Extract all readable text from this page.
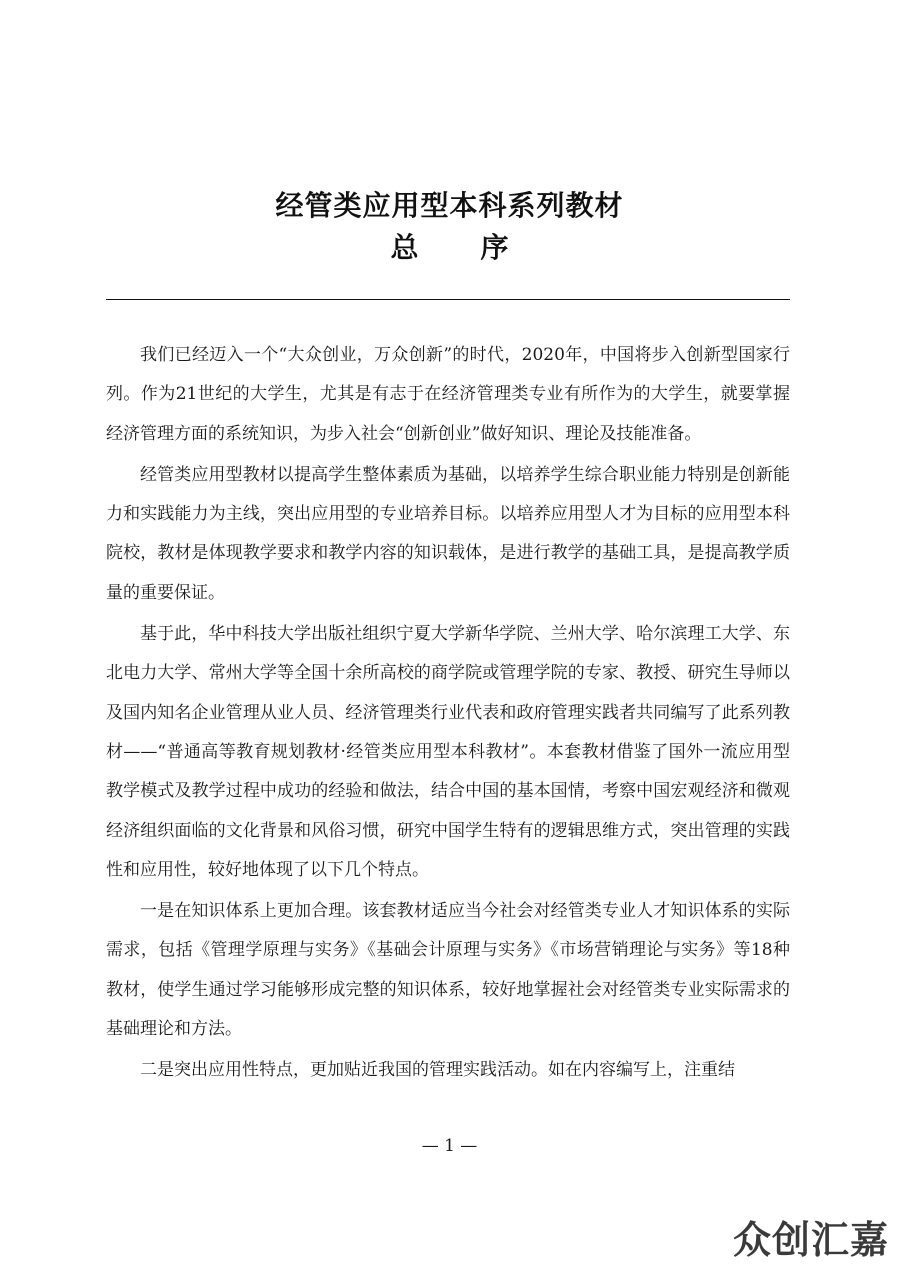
经管类应用型本科系列教材
总 序

我们已经迈入一个“大众创业，万众创新”的时代，2020年，中国将步入创新型国家行列。作为21世纪的大学生，尤其是有志于在经济管理类专业有所作为的大学生，就要掌握经济管理方面的系统知识，为步入社会“创新创业”做好知识、理论及技能准备。

经管类应用型教材以提高学生整体素质为基础，以培养学生综合职业能力特别是创新能力和实践能力为主线，突出应用型的专业培养目标。以培养应用型人才为目标的应用型本科院校，教材是体现教学要求和教学内容的知识载体，是进行教学的基础工具，是提高教学质量的重要保证。

基于此，华中科技大学出版社组织宁夏大学新华学院、兰州大学、哈尔滨理工大学、东北电力大学、常州大学等全国十余所高校的商学院或管理学院的专家、教授、研究生导师以及国内知名企业管理从业人员、经济管理类行业代表和政府管理实践者共同编写了此系列教材——“普通高等教育规划教材·经管类应用型本科教材”。本套教材借鉴了国外一流应用型教学模式及教学过程中成功的经验和做法，结合中国的基本国情，考察中国宏观经济和微观经济组织面临的文化背景和风俗习惯，研究中国学生特有的逻辑思维方式，突出管理的实践性和应用性，较好地体现了以下几个特点。

一是在知识体系上更加合理。该套教材适应当今社会对经管类专业人才知识体系的实际需求，包括《管理学原理与实务》《基础会计原理与实务》《市场营销理论与实务》等18种教材，使学生通过学习能够形成完整的知识体系，较好地掌握社会对经管类专业实际需求的基础理论和方法。

二是突出应用性特点，更加贴近我国的管理实践活动。如在内容编写上，注重结

— 1 —
众创汇嘉
